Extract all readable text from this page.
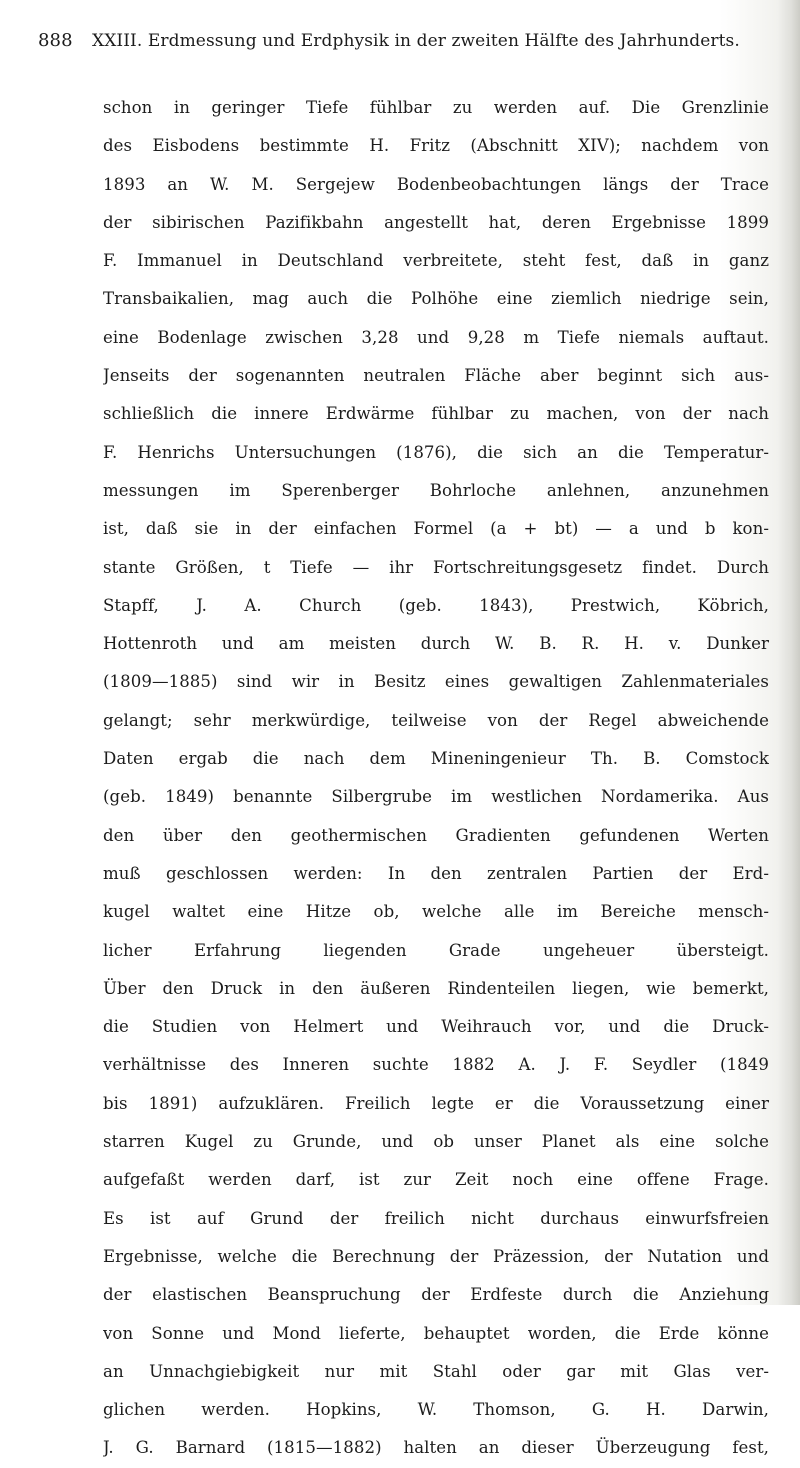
888	XXIII. Erdmessung und Erdphysik in der zweiten Hälfte des Jahrhunderts.
schon in geringer Tiefe fühlbar zu werden auf. Die Grenzlinie
des Eisbodens bestimmte H. Fritz (Abschnitt XIV); nachdem von
1893 an W. M. Sergejew Bodenbeobachtungen längs der Trace
der sibirischen Pazifikbahn angestellt hat, deren Ergebnisse 1899
F. Immanuel in Deutschland verbreitete, steht fest, daß in ganz
Transbaikalien, mag auch die Polhöhe eine ziemlich niedrige sein,
eine Bodenlage zwischen 3,28 und 9,28 m Tiefe niemals auftaut.
Jenseits der sogenannten neutralen Fläche aber beginnt sich aus-
schließlich die innere Erdwärme fühlbar zu machen, von der nach
F. Henrichs Untersuchungen (1876), die sich an die Temperatur-
messungen im Sperenberger Bohrloche anlehnen, anzunehmen
ist, daß sie in der einfachen Formel (a + bt) — a und b kon-
stante Größen, t Tiefe — ihr Fortschreitungsgesetz findet. Durch
Stapff, J. A. Church (geb. 1843), Prestwich, Köbrich,
Hottenroth und am meisten durch W. B. R. H. v. Dunker
(1809—1885) sind wir in Besitz eines gewaltigen Zahlenmateriales
gelangt; sehr merkwürdige, teilweise von der Regel abweichende
Daten ergab die nach dem Mineningenieur Th. B. Comstock
(geb. 1849) benannte Silbergrube im westlichen Nordamerika. Aus
den über den geothermischen Gradienten gefundenen Werten
muß geschlossen werden: In den zentralen Partien der Erd-
kugel waltet eine Hitze ob, welche alle im Bereiche mensch-
licher Erfahrung liegenden Grade ungeheuer übersteigt.
Über den Druck in den äußeren Rindenteilen liegen, wie bemerkt,
die Studien von Helmert und Weihrauch vor, und die Druck-
verhältnisse des Inneren suchte 1882 A. J. F. Seydler (1849
bis 1891) aufzuklären. Freilich legte er die Voraussetzung einer
starren Kugel zu Grunde, und ob unser Planet als eine solche
aufgefaßt werden darf, ist zur Zeit noch eine offene Frage.
Es ist auf Grund der freilich nicht durchaus einwurfsfreien
Ergebnisse, welche die Berechnung der Präzession, der Nutation und
der elastischen Beanspruchung der Erdfeste durch die Anziehung
von Sonne und Mond lieferte, behauptet worden, die Erde könne
an Unnachgiebigkeit nur mit Stahl oder gar mit Glas ver-
glichen werden. Hopkins, W. Thomson, G. H. Darwin,
J. G. Barnard (1815—1882) halten an dieser Überzeugung fest,
